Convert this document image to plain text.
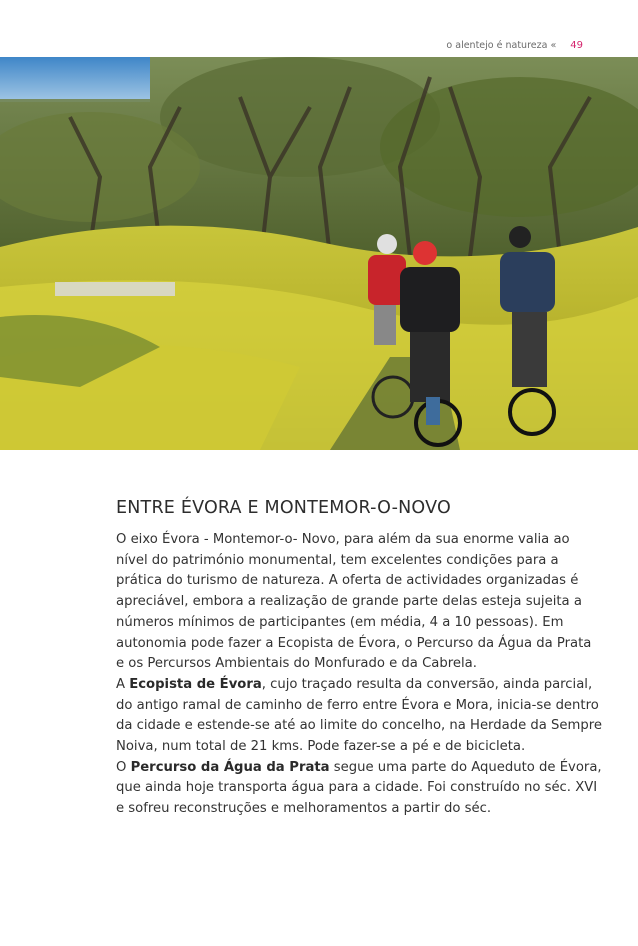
o alentejo é natureza « 49
ENTRE ÉVORA E MONTEMOR-O-NOVO

O eixo Évora - Montemor-o- Novo, para além da sua enorme valia ao nível do património monumental, tem excelentes condições para a prática do turismo de natureza. A oferta de actividades organizadas é apreciável, embora a realização de grande parte delas esteja sujeita a números mínimos de participantes (em média, 4 a 10 pessoas). Em autonomia pode fazer a Ecopista de Évora, o Percurso da Água da Prata e os Percursos Ambientais do Monfurado e da Cabrela.

A Ecopista de Évora, cujo traçado resulta da conversão, ainda parcial, do antigo ramal de caminho de ferro entre Évora e Mora, inicia-se dentro da cidade e estende-se até ao limite do concelho, na Herdade da Sempre Noiva, num total de 21 kms. Pode fazer-se a pé e de bicicleta.

O Percurso da Água da Prata segue uma parte do Aqueduto de Évora, que ainda hoje transporta água para a cidade. Foi construído no séc. XVI e sofreu reconstruções e melhoramentos a partir do séc.
